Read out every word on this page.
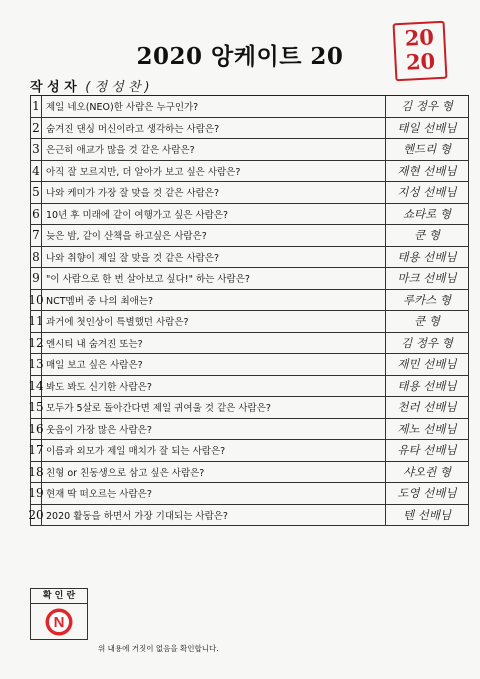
2020 앙케이트 20
20 20
작 성 자 ( 정 성 찬 )
1 제일 네오(NEO)한 사람은 누구인가?	김 정우 형
2 숨겨진 댄싱 머신이라고 생각하는 사람은?	태일 선배님
3 은근히 애교가 많을 것 같은 사람은?	헨드리 형
4 아직 잘 모르지만, 더 알아가 보고 싶은 사람은?	재현 선배님
5 나와 케미가 가장 잘 맞을 것 같은 사람은?	지성 선배님
6 10년 후 미래에 같이 여행가고 싶은 사람은?	쇼타로 형
7 늦은 밤, 같이 산책을 하고싶은 사람은?	쿤 형
8 나와 취향이 제일 잘 맞을 것 같은 사람은?	태용 선배님
9 "이 사람으로 한 번 살아보고 싶다!" 하는 사람은?	마크 선배님
10 NCT멤버 중 나의 최애는?	루카스 형
11 과거에 첫인상이 특별했던 사람은?	쿤 형
12 엔시티 내 숨겨진 또는?	김 정우 형
13 매일 보고 싶은 사람은?	재민 선배님
14 봐도 봐도 신기한 사람은?	태용 선배님
15 모두가 5살로 돌아간다면 제일 귀여울 것 같은 사람은?	천러 선배님
16 웃음이 가장 많은 사람은?	제노 선배님
17 이름과 외모가 제일 매치가 잘 되는 사람은?	유타 선배님
18 친형 or 친동생으로 삼고 싶은 사람은?	샤오쥔 형
19 현재 딱 떠오르는 사람은?	도영 선배님
20 2020 활동을 하면서 가장 기대되는 사람은?	텐 선배님
확 인 란
N
위 내용에 거짓이 없음을 확인합니다.
